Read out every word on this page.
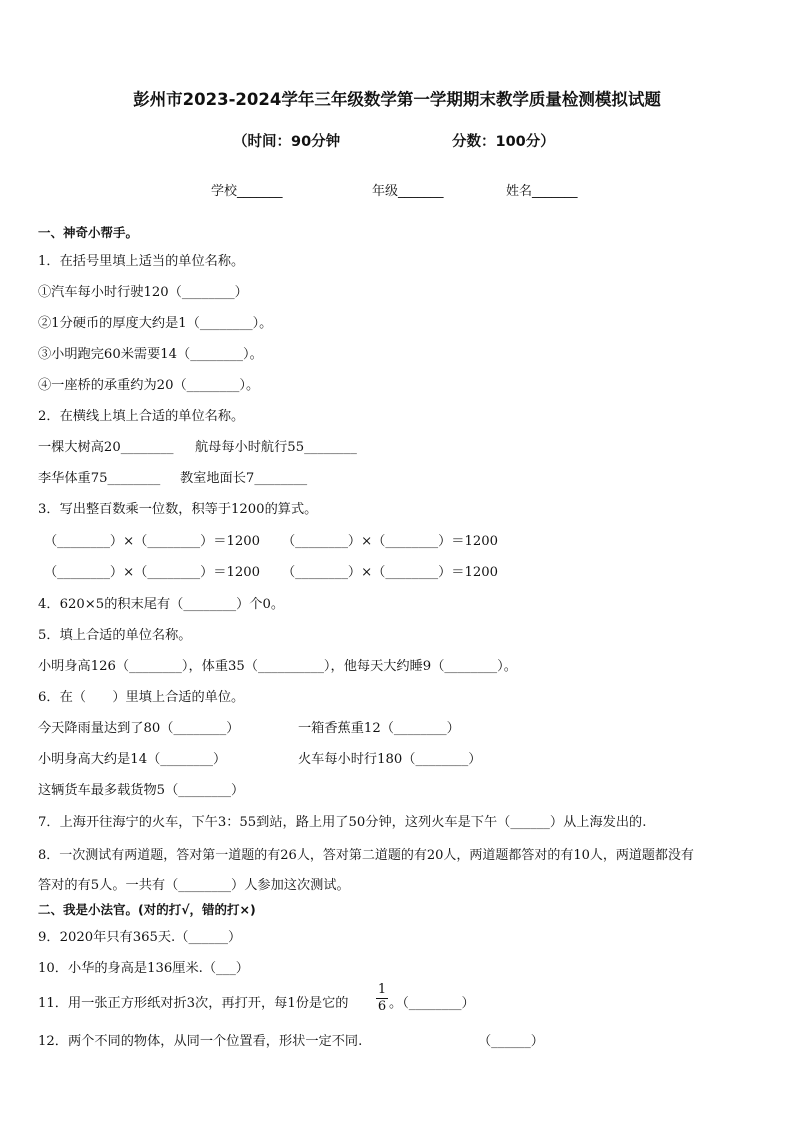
彭州市2023-2024学年三年级数学第一学期期末教学质量检测模拟试题
（时间：90分钟	分数：100分）
学校_______	年级_______	姓名_______
一、神奇小帮手。
1．在括号里填上适当的单位名称。
①汽车每小时行驶120（________）
②1分硬币的厚度大约是1（________）。
③小明跑完60米需要14（________）。
④一座桥的承重约为20（________）。
2．在横线上填上合适的单位名称。
一棵大树高20________ 航母每小时航行55________
李华体重75________ 教室地面长7________
3．写出整百数乘一位数，积等于1200的算式。
（________）×（________）＝1200 （________）×（________）＝1200
（________）×（________）＝1200 （________）×（________）＝1200
4．620×5的积末尾有（________）个0。
5．填上合适的单位名称。
小明身高126（________），体重35（__________），他每天大约睡9（________）。
6．在（　　）里填上合适的单位。
今天降雨量达到了80（________）	一箱香蕉重12（________）
小明身高大约是14（________）	火车每小时行180（________）
这辆货车最多载货物5（________）
7．上海开往海宁的火车，下午3：55到站，路上用了50分钟，这列火车是下午（______）从上海发出的.
8．一次测试有两道题，答对第一道题的有26人，答对第二道题的有20人，两道题都答对的有10人，两道题都没有
答对的有5人。一共有（________）人参加这次测试。
二、我是小法官。(对的打√，错的打×)
9．2020年只有365天.（______）
10．小华的身高是136厘米.（___）
11．用一张正方形纸对折3次，再打开，每1份是它的
1
6 。（________）
12．两个不同的物体，从同一个位置看，形状一定不同.	（______）
